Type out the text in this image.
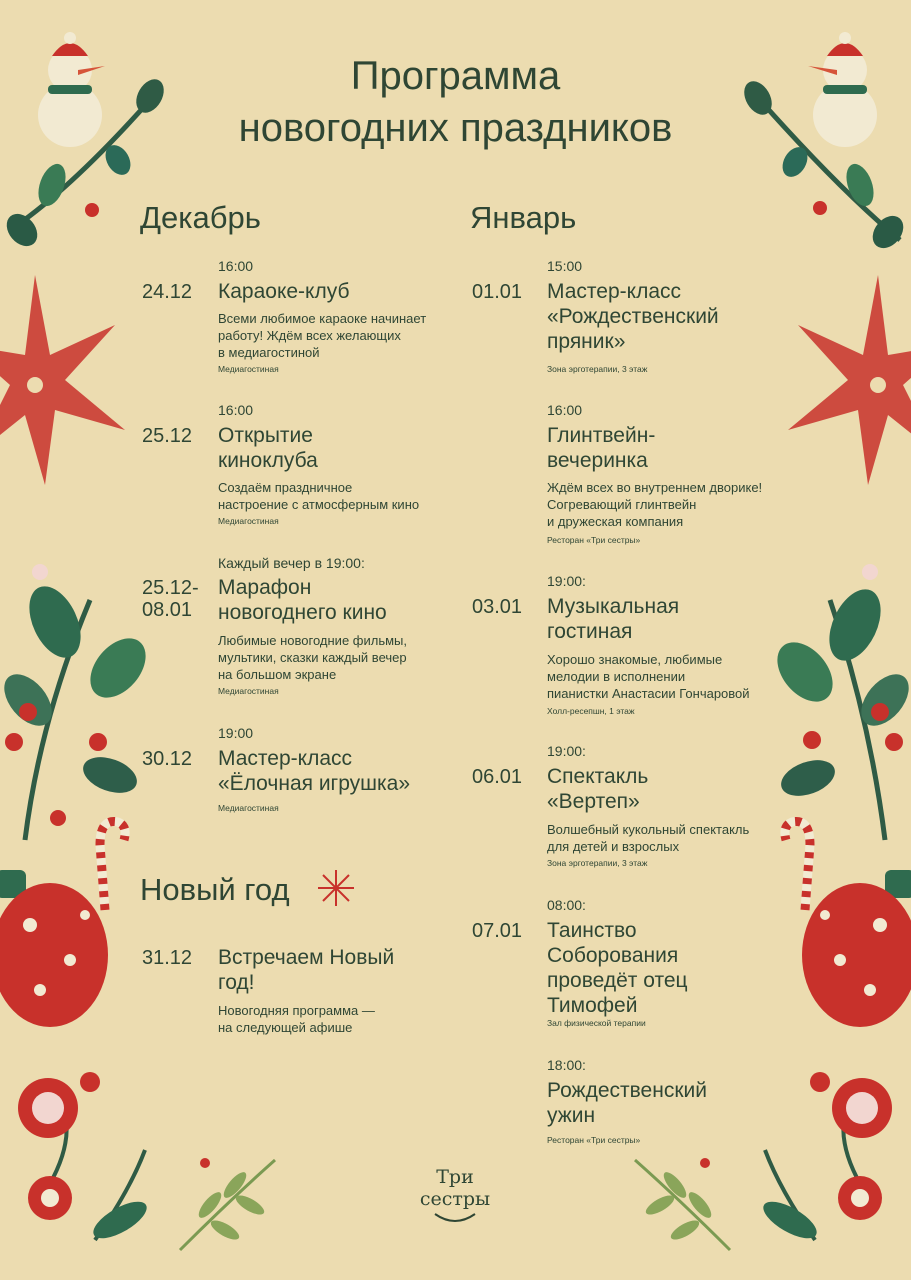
Программа
новогодних праздников
Декабрь	Январь
16:00
24.12 Караоке-клуб
Всеми любимое караоке начинает
работу! Ждём всех желающих
в медиагостиной
Медиагостиная
16:00
25.12 Открытие
киноклуба
Создаём праздничное
настроение с атмосферным кино
Медиагостиная
Каждый вечер в 19:00:
25.12-
08.01
Марафон
новогоднего кино
Любимые новогодние фильмы,
мультики, сказки каждый вечер
на большом экране
Медиагостиная
19:00
30.12 Мастер-класс
«Ёлочная игрушка»
Медиагостиная
Новый год
31.12 Встречаем Новый
год!
Новогодняя программа —
на следующей афише
15:00
01.01 Мастер-класс
«Рождественский
пряник»
Зона эрготерапии, 3 этаж
16:00
Глинтвейн-
вечеринка
Ждём всех во внутреннем дворике!
Согревающий глинтвейн
и дружеская компания
Ресторан «Три сестры»
19:00:
03.01 Музыкальная
гостиная
Хорошо знакомые, любимые
мелодии в исполнении
пианистки Анастасии Гончаровой
Холл-ресепшн, 1 этаж
19:00:
06.01 Спектакль
«Вертеп»
Волшебный кукольный спектакль
для детей и взрослых
Зона эрготерапии, 3 этаж
08:00:
07.01 Таинство
Соборования
проведёт отец
Тимофей
Зал физической терапии
18:00:
Рождественский
ужин
Ресторан «Три сестры»
Три
сестры
